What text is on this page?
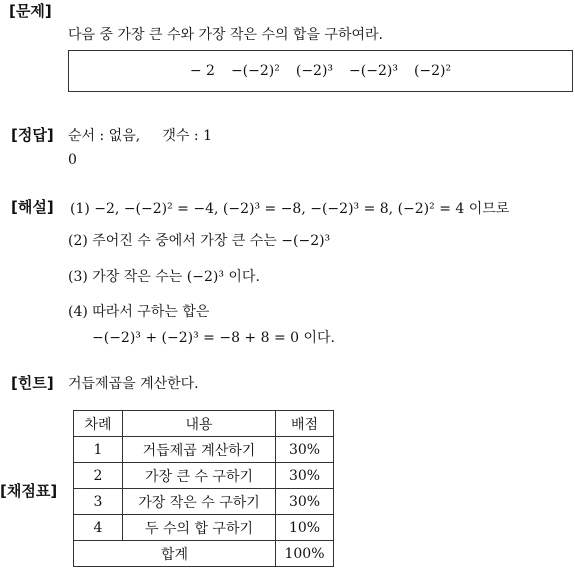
[문제]
다음 중 가장 큰 수와 가장 작은 수의 합을 구하여라.
− 2 −(−2)² (−2)³ −(−2)³ (−2)²
[정답] 순서 : 없음,     갯수 : 1
0
[해설] (1) −2, −(−2)² = −4, (−2)³ = −8, −(−2)³ = 8, (−2)² = 4 이므로
(2) 주어진 수 중에서 가장 큰 수는 −(−2)³
(3) 가장 작은 수는 (−2)³ 이다.
(4) 따라서 구하는 합은
−(−2)³ + (−2)³ = −8 + 8 = 0 이다.
[힌트] 거듭제곱을 계산한다.
[채점표]
차례	내용	배점
1	거듭제곱 계산하기	30%
2	가장 큰 수 구하기	30%
3	가장 작은 수 구하기	30%
4	두 수의 합 구하기	10%
합계		100%
